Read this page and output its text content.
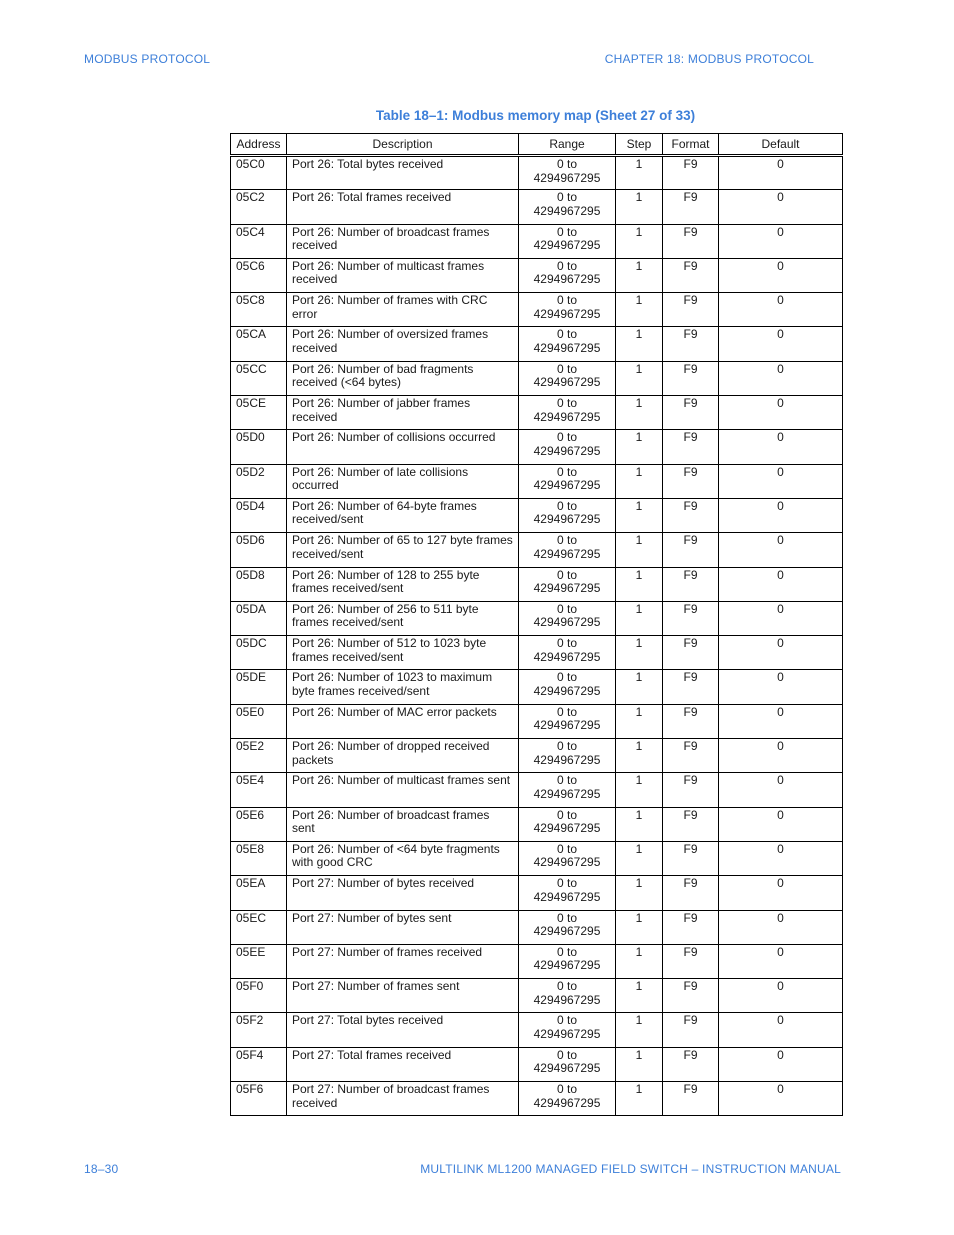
MODBUS PROTOCOL	CHAPTER 18: MODBUS PROTOCOL
Table 18–1: Modbus memory map (Sheet 27 of 33)
Address	Description	Range	Step	Format	Default
05C0	Port 26: Total bytes received	0 to 4294967295	1	F9	0
05C2	Port 26: Total frames received	0 to 4294967295	1	F9	0
05C4	Port 26: Number of broadcast frames received	0 to 4294967295	1	F9	0
05C6	Port 26: Number of multicast frames received	0 to 4294967295	1	F9	0
05C8	Port 26: Number of frames with CRC error	0 to 4294967295	1	F9	0
05CA	Port 26: Number of oversized frames received	0 to 4294967295	1	F9	0
05CC	Port 26: Number of bad fragments received (<64 bytes)	0 to 4294967295	1	F9	0
05CE	Port 26: Number of jabber frames received	0 to 4294967295	1	F9	0
05D0	Port 26: Number of collisions occurred	0 to 4294967295	1	F9	0
05D2	Port 26: Number of late collisions occurred	0 to 4294967295	1	F9	0
05D4	Port 26: Number of 64-byte frames received/sent	0 to 4294967295	1	F9	0
05D6	Port 26: Number of 65 to 127 byte frames received/sent	0 to 4294967295	1	F9	0
05D8	Port 26: Number of 128 to 255 byte frames received/sent	0 to 4294967295	1	F9	0
05DA	Port 26: Number of 256 to 511 byte frames received/sent	0 to 4294967295	1	F9	0
05DC	Port 26: Number of 512 to 1023 byte frames received/sent	0 to 4294967295	1	F9	0
05DE	Port 26: Number of 1023 to maximum byte frames received/sent	0 to 4294967295	1	F9	0
05E0	Port 26: Number of MAC error packets	0 to 4294967295	1	F9	0
05E2	Port 26: Number of dropped received packets	0 to 4294967295	1	F9	0
05E4	Port 26: Number of multicast frames sent	0 to 4294967295	1	F9	0
05E6	Port 26: Number of broadcast frames sent	0 to 4294967295	1	F9	0
05E8	Port 26: Number of <64 byte fragments with good CRC	0 to 4294967295	1	F9	0
05EA	Port 27: Number of bytes received	0 to 4294967295	1	F9	0
05EC	Port 27: Number of bytes sent	0 to 4294967295	1	F9	0
05EE	Port 27: Number of frames received	0 to 4294967295	1	F9	0
05F0	Port 27: Number of frames sent	0 to 4294967295	1	F9	0
05F2	Port 27: Total bytes received	0 to 4294967295	1	F9	0
05F4	Port 27: Total frames received	0 to 4294967295	1	F9	0
05F6	Port 27: Number of broadcast frames received	0 to 4294967295	1	F9	0
18–30	MULTILINK ML1200 MANAGED FIELD SWITCH – INSTRUCTION MANUAL
